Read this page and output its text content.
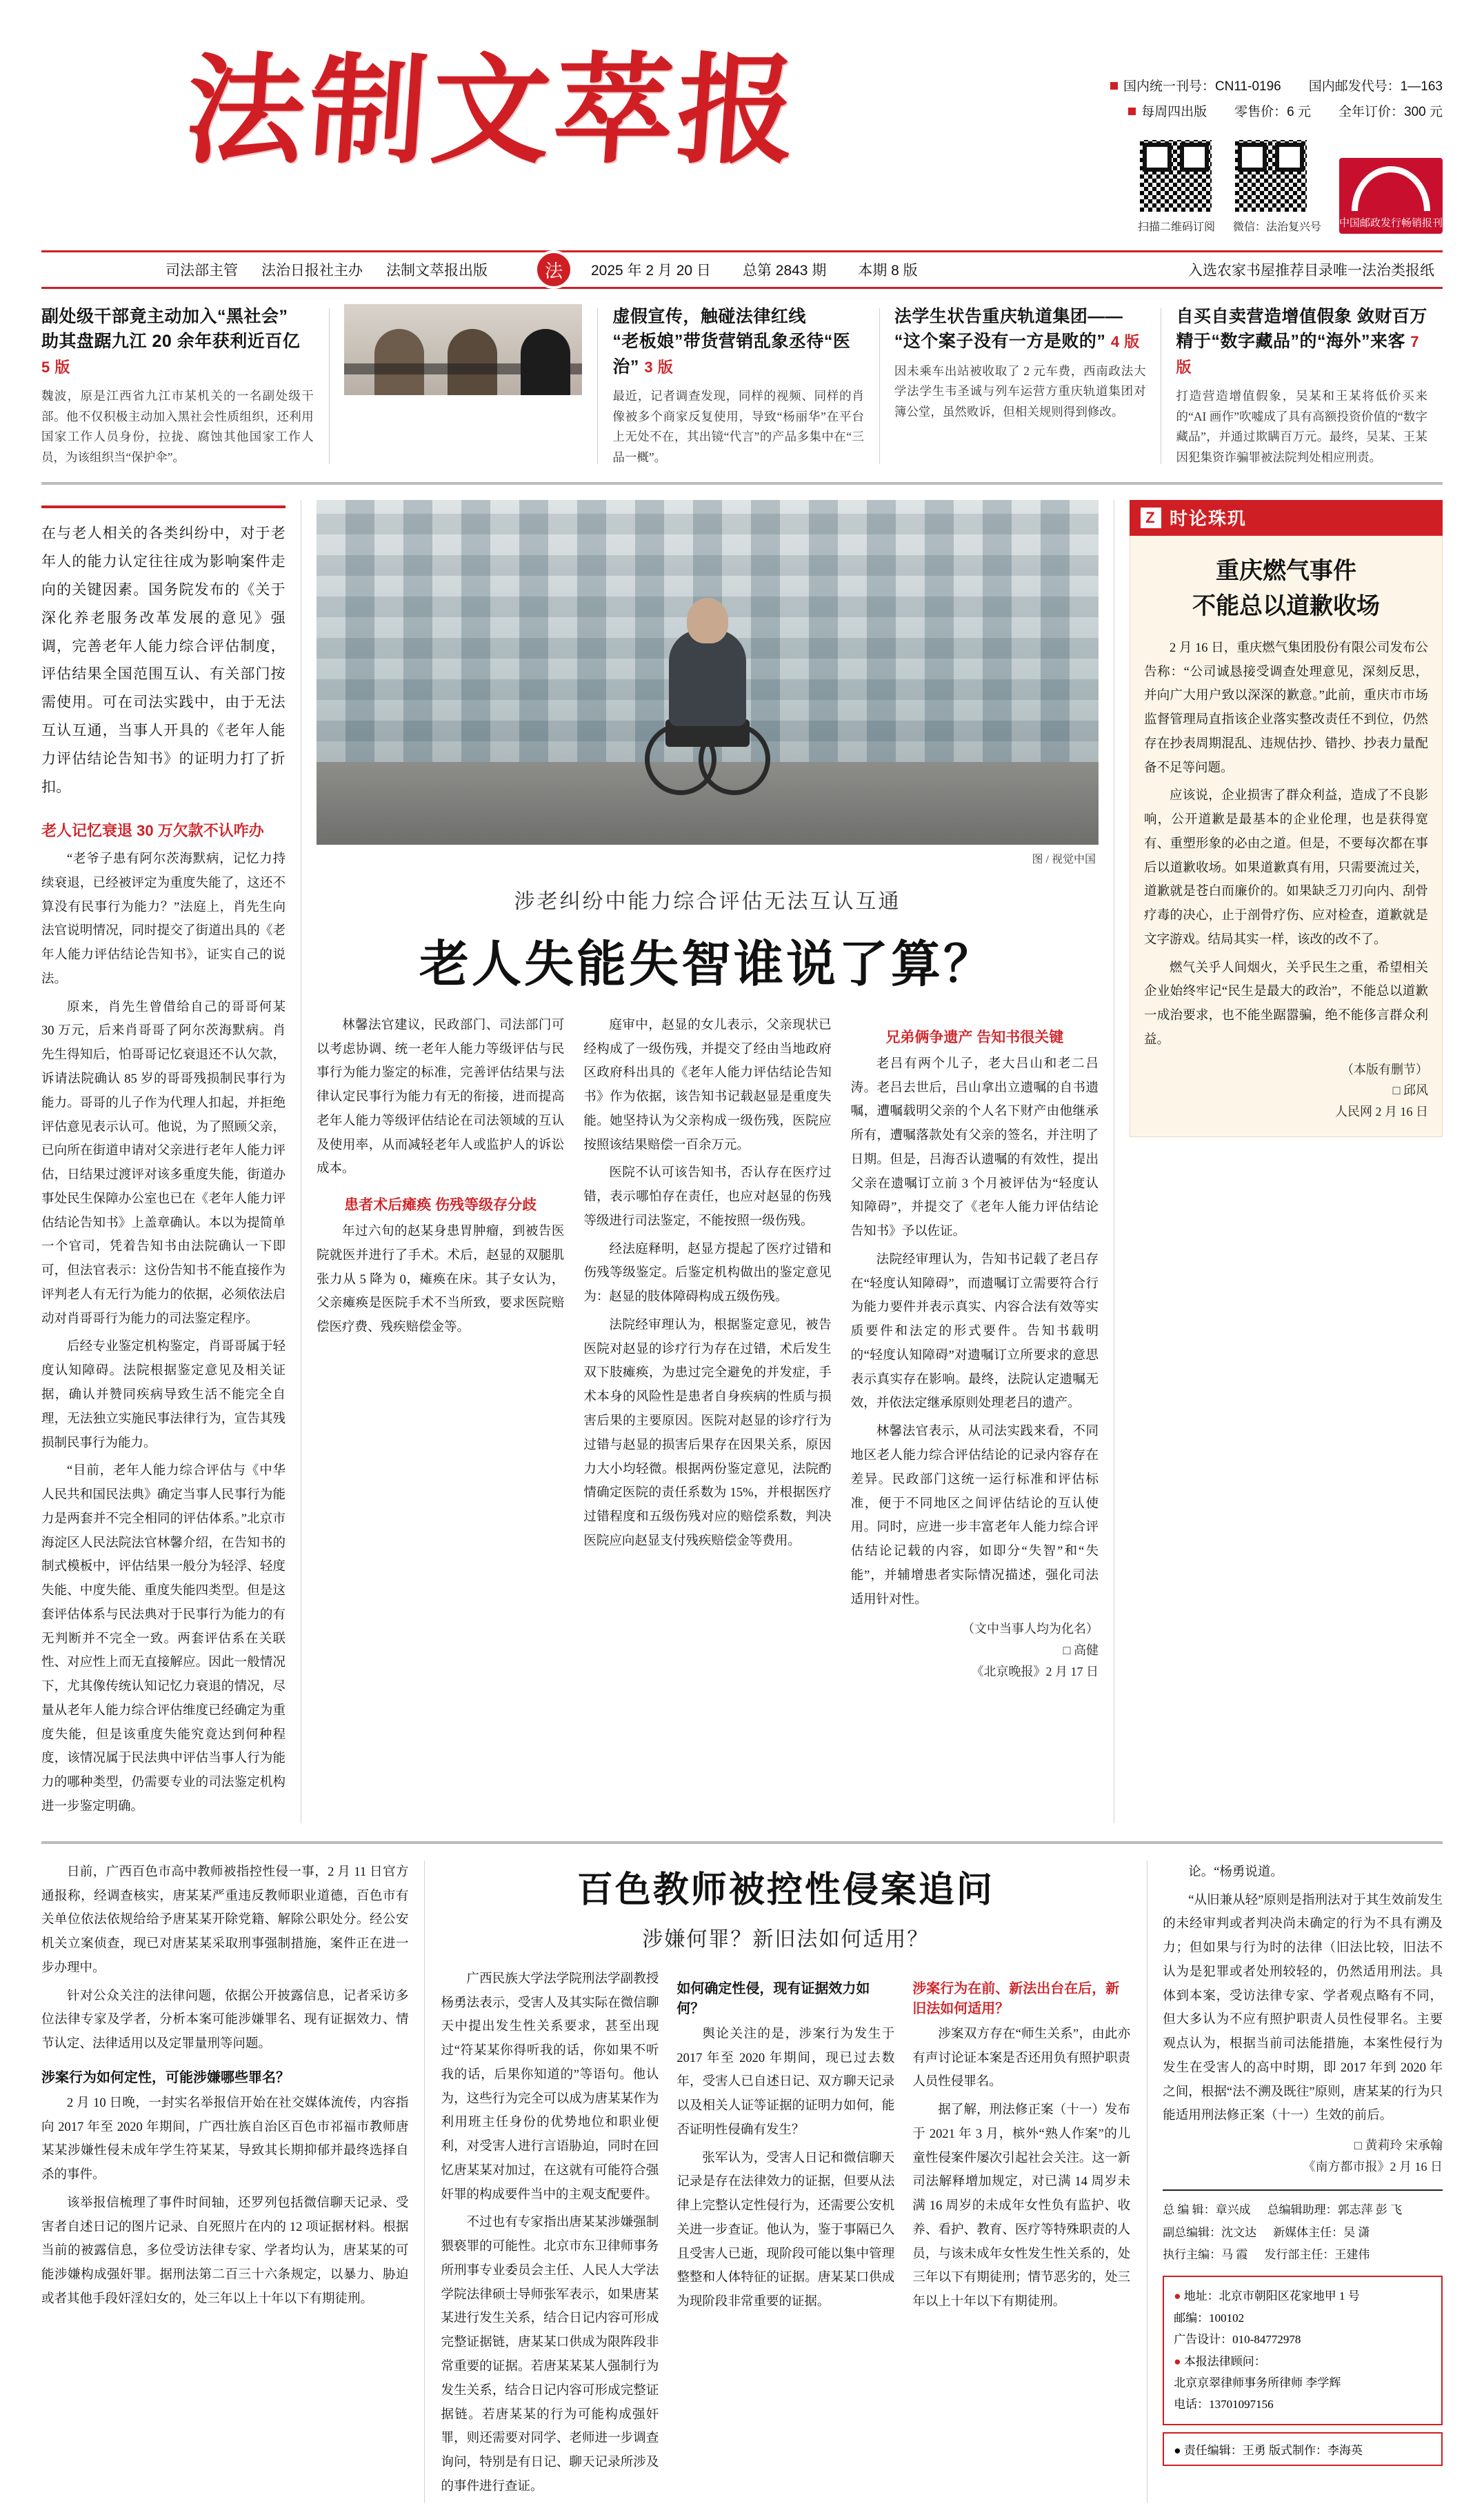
法制文萃报	国内统一刊号：CN11-0196 国内邮发代号：1—163
每周四出版 零售价：6 元 全年订价：300 元
扫描二维码订阅 微信：法治复兴号 中国邮政发行畅销报刊
司法部主管 法治日报社主办 法制文萃报出版	法	2025 年 2 月 20 日 总第 2843 期 本期 8 版	入选农家书屋推荐目录唯一法治类报纸
副处级干部竟主动加入“黑社会”
助其盘踞九江 20 余年获利近百亿 5 版
魏波，原是江西省九江市某机关的一名副处级干部。他不仅积极主动加入黑社会性质组织，还利用国家工作人员身份，拉拢、腐蚀其他国家工作人员，为该组织当“保护伞”。
虚假宣传，触碰法律红线
“老板娘”带货营销乱象丞待“医治” 3 版
最近，记者调查发现，同样的视频、同样的肖像被多个商家反复使用，导致“杨丽华”在平台上无处不在，其出镜“代言”的产品多集中在“三品一概”。
法学生状告重庆轨道集团——
“这个案子没有一方是败的” 4 版
因未乘车出站被收取了 2 元车费，西南政法大学法学生韦圣诚与列车运营方重庆轨道集团对簿公堂，虽然败诉，但相关规则得到修改。
自买自卖营造增值假象 敛财百万
精于“数字藏品”的“海外”来客 7 版
打造营造增值假象，吴某和王某将低价买来的“AI 画作”吹嘘成了具有高额投资价值的“数字藏品”，并通过欺瞒百万元。最终，吴某、王某因犯集资诈骗罪被法院判处相应刑责。
在与老人相关的各类纠纷中，对于老年人的能力认定往往成为影响案件走向的关键因素。国务院发布的《关于深化养老服务改革发展的意见》强调，完善老年人能力综合评估制度，评估结果全国范围互认、有关部门按需使用。可在司法实践中，由于无法互认互通，当事人开具的《老年人能力评估结论告知书》的证明力打了折扣。
老人记忆衰退 30 万欠款不认咋办

“老爷子患有阿尔茨海默病，记忆力持续衰退，已经被评定为重度失能了，这还不算没有民事行为能力？”法庭上，肖先生向法官说明情况，同时提交了街道出具的《老年人能力评估结论告知书》，证实自己的说法。

原来，肖先生曾借给自己的哥哥何某 30 万元，后来肖哥哥了阿尔茨海默病。肖先生得知后，怕哥哥记忆衰退还不认欠款，诉请法院确认 85 岁的哥哥残损制民事行为能力。哥哥的儿子作为代理人扣起，并拒绝评估意见表示认可。他说，为了照顾父亲，已向所在街道申请对父亲进行老年人能力评估，日结果过渡评对该多重度失能，街道办事处民生保障办公室也已在《老年人能力评估结论告知书》上盖章确认。本以为提简单一个官司，凭着告知书由法院确认一下即可，但法官表示：这份告知书不能直接作为评判老人有无行为能力的依据，必须依法启动对肖哥哥行为能力的司法鉴定程序。

后经专业鉴定机构鉴定，肖哥哥属于轻度认知障碍。法院根据鉴定意见及相关证据，确认并赞同疾病导致生活不能完全自理，无法独立实施民事法律行为，宣告其残损制民事行为能力。

“目前，老年人能力综合评估与《中华人民共和国民法典》确定当事人民事行为能力是两套并不完全相同的评估体系。”北京市海淀区人民法院法官林馨介绍，在告知书的制式模板中，评估结果一般分为轻浮、轻度失能、中度失能、重度失能四类型。但是这套评估体系与民法典对于民事行为能力的有无判断并不完全一致。两套评估系在关联性、对应性上而无直接解应。因此一般情况下，尤其像传统认知记忆力衰退的情况，尽量从老年人能力综合评估维度已经确定为重度失能，但是该重度失能究竟达到何种程度，该情况属于民法典中评估当事人行为能力的哪种类型，仍需要专业的司法鉴定机构进一步鉴定明确。

图 / 视觉中国
涉老纠纷中能力综合评估无法互认互通
老人失能失智谁说了算？

林馨法官建议，民政部门、司法部门可以考虑协调、统一老年人能力等级评估与民事行为能力鉴定的标准，完善评估结果与法律认定民事行为能力有无的衔接，进而提高老年人能力等级评估结论在司法领域的互认及使用率，从而减轻老年人或监护人的诉讼成本。

患者术后瘫痪 伤残等级存分歧

年过六旬的赵某身患胃肿瘤，到被告医院就医并进行了手术。术后，赵显的双腿肌张力从 5 降为 0，瘫痪在床。其子女认为，父亲瘫痪是医院手术不当所致，要求医院赔偿医疗费、残疾赔偿金等。

庭审中，赵显的女儿表示，父亲现状已经构成了一级伤残，并提交了经由当地政府区政府科出具的《老年人能力评估结论告知书》作为依据，该告知书记载赵显是重度失能。她坚持认为父亲构成一级伤残，医院应按照该结果赔偿一百余万元。

医院不认可该告知书，否认存在医疗过错，表示哪怕存在责任，也应对赵显的伤残等级进行司法鉴定，不能按照一级伤残。

经法庭释明，赵显方提起了医疗过错和伤残等级鉴定。后鉴定机构做出的鉴定意见为：赵显的肢体障碍构成五级伤残。

法院经审理认为，根据鉴定意见，被告医院对赵显的诊疗行为存在过错，术后发生双下肢瘫痪，为患过完全避免的并发症，手术本身的风险性是患者自身疾病的性质与损害后果的主要原因。医院对赵显的诊疗行为过错与赵显的损害后果存在因果关系，原因力大小均轻微。根据两份鉴定意见，法院酌情确定医院的责任系数为 15%，并根据医疗过错程度和五级伤残对应的赔偿系数，判决医院应向赵显支付残疾赔偿金等费用。

兄弟俩争遗产 告知书很关键

老吕有两个儿子，老大吕山和老二吕涛。老吕去世后，吕山拿出立遗嘱的自书遗嘱，遭嘱载明父亲的个人名下财产由他继承所有，遭嘱落款处有父亲的签名，并注明了日期。但是，吕海否认遗嘱的有效性，提出父亲在遗嘱订立前 3 个月被评估为“轻度认知障碍”，并提交了《老年人能力评估结论告知书》予以佐证。

法院经审理认为，告知书记载了老吕存在“轻度认知障碍”，而遗嘱订立需要符合行为能力要件并表示真实、内容合法有效等实质要件和法定的形式要件。告知书载明的“轻度认知障碍”对遗嘱订立所要求的意思表示真实存在影响。最终，法院认定遗嘱无效，并依法定继承原则处理老吕的遗产。

林馨法官表示，从司法实践来看，不同地区老人能力综合评估结论的记录内容存在差异。民政部门这统一运行标准和评估标准，便于不同地区之间评估结论的互认使用。同时，应进一步丰富老年人能力综合评估结论记载的内容，如即分“失智”和“失能”，并辅增患者实际情况描述，强化司法适用针对性。

（文中当事人均为化名）
□ 高健
《北京晚报》2 月 17 日
Z 时论珠玑
重庆燃气事件
不能总以道歉收场

2 月 16 日，重庆燃气集团股份有限公司发布公告称：“公司诚恳接受调查处理意见，深刻反思，并向广大用户致以深深的歉意。”此前，重庆市市场监督管理局直指该企业落实整改责任不到位，仍然存在抄表周期混乱、违规估抄、错抄、抄表力量配备不足等问题。

应该说，企业损害了群众利益，造成了不良影响，公开道歉是最基本的企业伦理，也是获得宽有、重塑形象的必由之道。但是，不要每次都在事后以道歉收场。如果道歉真有用，只需要流过关，道歉就是苍白而廉价的。如果缺乏刀刃向内、刮骨疗毒的决心，止于剖骨疗伤、应对检查，道歉就是文字游戏。结局其实一样，该改的改不了。

燃气关乎人间烟火，关乎民生之重，希望相关企业始终牢记“民生是最大的政治”，不能总以道歉一成治要求，也不能坐踞嚣骗，绝不能侈言群众利益。

（本版有删节）
□ 邱风
人民网 2 月 16 日

日前，广西百色市高中教师被指控性侵一事，2 月 11 日官方通报称，经调查核实，唐某某严重违反教师职业道德，百色市有关单位依法依规给给予唐某某开除党籍、解除公职处分。经公安机关立案侦查，现已对唐某某采取刑事强制措施，案件正在进一步办理中。

针对公众关注的法律问题，依据公开披露信息，记者采访多位法律专家及学者，分析本案可能涉嫌罪名、现有证据效力、情节认定、法律适用以及定罪量刑等问题。

涉案行为如何定性，可能涉嫌哪些罪名？

2 月 10 日晚，一封实名举报信开始在社交媒体流传，内容指向 2017 年至 2020 年期间，广西壮族自治区百色市祁福市教师唐某某涉嫌性侵未成年学生符某某，导致其长期抑郁并最终选择自杀的事件。

该举报信梳理了事件时间轴，还罗列包括微信聊天记录、受害者自述日记的图片记录、自死照片在内的 12 项证据材料。根据当前的被露信息，多位受访法律专家、学者均认为，唐某某的可能涉嫌构成强奸罪。据刑法第二百三十六条规定，以暴力、胁迫或者其他手段奸淫妇女的，处三年以上十年以下有期徒刑。

百色教师被控性侵案追问
涉嫌何罪？新旧法如何适用？

广西民族大学法学院刑法学副教授杨勇法表示，受害人及其实际在微信聊天中提出发生性关系要求，甚至出现过“符某某你得听我的话，你如果不听我的话，后果你知道的”等语句。他认为，这些行为完全可以成为唐某某作为利用班主任身份的优势地位和职业便利，对受害人进行言语胁迫，同时在回忆唐某某对加过，在这就有可能符合强奸罪的构成要件当中的主观支配要件。

不过也有专家指出唐某某涉嫌强制猥亵罪的可能性。北京市东卫律师事务所刑事专业委员会主任、人民人大学法学院法律硕士导师张军表示，如果唐某某进行发生关系，结合日记内容可形成完整证据链，唐某某口供成为限阵段非常重要的证据。若唐某某某人强制行为发生关系，结合日记内容可形成完整证据链。若唐某某的行为可能构成强奸罪，则还需要对同学、老师进一步调查询问，特别是有日记、聊天记录所涉及的事件进行查证。

如何确定性侵，现有证据效力如何？

舆论关注的是，涉案行为发生于 2017 年至 2020 年期间，现已过去数年，受害人已自述日记、双方聊天记录以及相关人证等证据的证明力如何，能否证明性侵确有发生？

张军认为，受害人日记和微信聊天记录是存在法律效力的证据，但要从法律上完整认定性侵行为，还需要公安机关进一步查证。他认为，鉴于事隔已久且受害人已逝，现阶段可能以集中管理整整和人体特征的证据。唐某某口供成为现阶段非常重要的证据。

涉案行为在前、新法出台在后，新旧法如何适用？

涉案双方存在“师生关系”，由此亦有声讨论证本案是否还用负有照护职责人员性侵罪名。

据了解，刑法修正案（十一）发布于 2021 年 3 月，槟外“熟人作案”的儿童性侵案件屡次引起社会关注。这一新司法解释增加规定，对已满 14 周岁未满 16 周岁的未成年女性负有监护、收养、看护、教育、医疗等特殊职责的人员，与该未成年女性发生性关系的，处三年以下有期徒刑；情节恶劣的，处三年以上十年以下有期徒刑。

论。“杨勇说道。

“从旧兼从轻”原则是指刑法对于其生效前发生的未经审判或者判决尚未确定的行为不具有溯及力；但如果与行为时的法律（旧法比较，旧法不认为是犯罪或者处刑较轻的，仍然适用刑法。具体到本案，受访法律专家、学者观点略有不同，但大多认为不应有照护职责人员性侵罪名。主要观点认为，根据当前司法能措施，本案性侵行为发生在受害人的高中时期，即 2017 年到 2020 年之间，根据“法不溯及既往”原则，唐某某的行为只能适用刑法修正案（十一）生效的前后。

□ 黄莉玲 宋承翰
《南方都市报》2 月 16 日
总 编 辑：章兴成 总编辑助理：郭志萍 彭 飞
副总编辑：沈文达 新媒体主任：吴 潇
执行主编：马 霞 发行部主任：王建伟
● 地址：北京市朝阳区花家地甲 1 号
邮编：100102
广告设计：010-84772978
● 本报法律顾问：
北京京翠律师事务所律师 李学辉
电话：13701097156
● 责任编辑：王勇 版式制作：李海英
